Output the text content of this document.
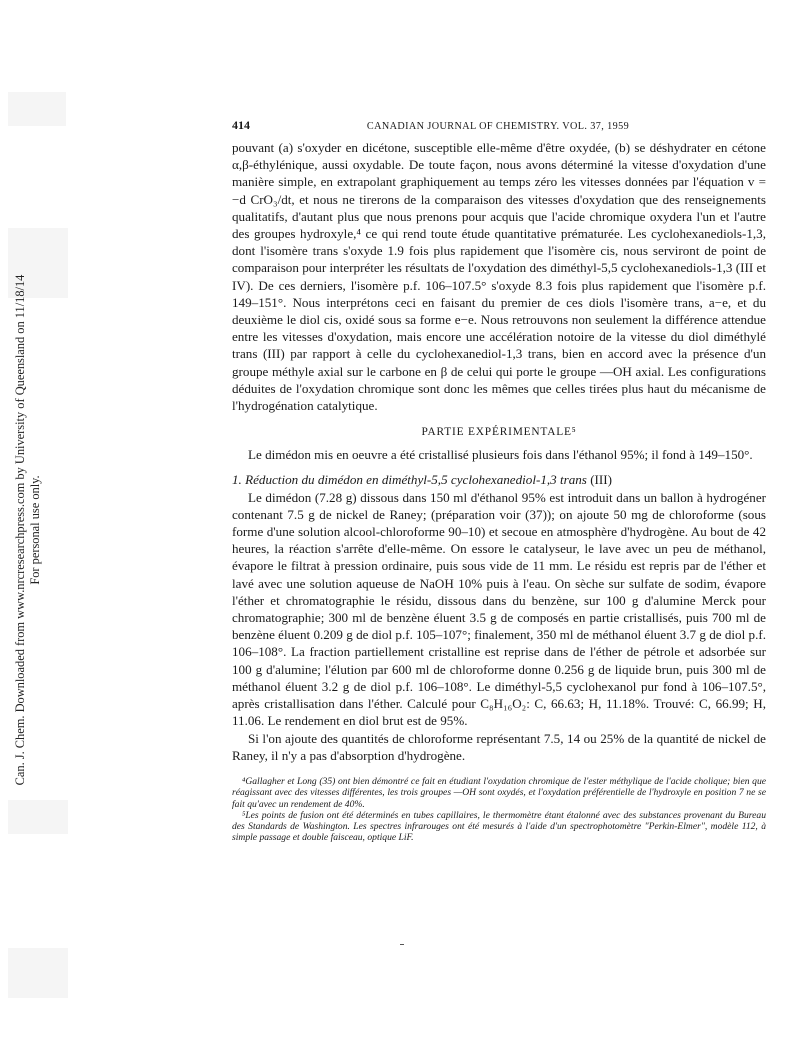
Can. J. Chem. Downloaded from www.nrcresearchpress.com by University of Queensland on 11/18/14 For personal use only.
414	CANADIAN JOURNAL OF CHEMISTRY. VOL. 37, 1959

pouvant (a) s'oxyder en dicétone, susceptible elle-même d'être oxydée, (b) se déshydrater en cétone α,β-éthylénique, aussi oxydable. De toute façon, nous avons déterminé la vitesse d'oxydation d'une manière simple, en extrapolant graphiquement au temps zéro les vitesses données par l'équation v = −d CrO₃/dt, et nous ne tirerons de la comparaison des vitesses d'oxydation que des renseignements qualitatifs, d'autant plus que nous prenons pour acquis que l'acide chromique oxydera l'un et l'autre des groupes hydroxyle,⁴ ce qui rend toute étude quantitative prématurée. Les cyclohexanediols-1,3, dont l'isomère trans s'oxyde 1.9 fois plus rapidement que l'isomère cis, nous serviront de point de comparaison pour interpréter les résultats de l'oxydation des diméthyl-5,5 cyclohexanediols-1,3 (III et IV). De ces derniers, l'isomère p.f. 106–107.5° s'oxyde 8.3 fois plus rapidement que l'isomère p.f. 149–151°. Nous interprétons ceci en faisant du premier de ces diols l'isomère trans, a−e, et du deuxième le diol cis, oxidé sous sa forme e−e. Nous retrouvons non seulement la différence attendue entre les vitesses d'oxydation, mais encore une accélération notoire de la vitesse du diol diméthylé trans (III) par rapport à celle du cyclohexanediol-1,3 trans, bien en accord avec la présence d'un groupe méthyle axial sur le carbone en β de celui qui porte le groupe —OH axial. Les configurations déduites de l'oxydation chromique sont donc les mêmes que celles tirées plus haut du mécanisme de l'hydrogénation catalytique.

PARTIE EXPÉRIMENTALE⁵

Le dimédon mis en oeuvre a été cristallisé plusieurs fois dans l'éthanol 95%; il fond à 149–150°.

1. Réduction du dimédon en diméthyl-5,5 cyclohexanediol-1,3 trans (III)

Le dimédon (7.28 g) dissous dans 150 ml d'éthanol 95% est introduit dans un ballon à hydrogéner contenant 7.5 g de nickel de Raney; (préparation voir (37)); on ajoute 50 mg de chloroforme (sous forme d'une solution alcool-chloroforme 90–10) et secoue en atmosphère d'hydrogène. Au bout de 42 heures, la réaction s'arrête d'elle-même. On essore le catalyseur, le lave avec un peu de méthanol, évapore le filtrat à pression ordinaire, puis sous vide de 11 mm. Le résidu est repris par de l'éther et lavé avec une solution aqueuse de NaOH 10% puis à l'eau. On sèche sur sulfate de sodim, évapore l'éther et chromatographie le résidu, dissous dans du benzène, sur 100 g d'alumine Merck pour chromatographie; 300 ml de benzène éluent 3.5 g de composés en partie cristallisés, puis 700 ml de benzène éluent 0.209 g de diol p.f. 105–107°; finalement, 350 ml de méthanol éluent 3.7 g de diol p.f. 106–108°. La fraction partiellement cristalline est reprise dans de l'éther de pétrole et adsorbée sur 100 g d'alumine; l'élution par 600 ml de chloroforme donne 0.256 g de liquide brun, puis 300 ml de méthanol éluent 3.2 g de diol p.f. 106–108°. Le diméthyl-5,5 cyclohexanol pur fond à 106–107.5°, après cristallisation dans l'éther. Calculé pour C₈H₁₆O₂: C, 66.63; H, 11.18%. Trouvé: C, 66.99; H, 11.06. Le rendement en diol brut est de 95%.

Si l'on ajoute des quantités de chloroforme représentant 7.5, 14 ou 25% de la quantité de nickel de Raney, il n'y a pas d'absorption d'hydrogène.

⁴Gallagher et Long (35) ont bien démontré ce fait en étudiant l'oxydation chromique de l'ester méthylique de l'acide cholique; bien que réagissant avec des vitesses différentes, les trois groupes —OH sont oxydés, et l'oxydation préférentielle de l'hydroxyle en position 7 ne se fait qu'avec un rendement de 40%.

⁵Les points de fusion ont été déterminés en tubes capillaires, le thermomètre étant étalonné avec des substances provenant du Bureau des Standards de Washington. Les spectres infrarouges ont été mesurés à l'aide d'un spectrophotomètre "Perkin-Elmer", modèle 112, à simple passage et double faisceau, optique LiF.
